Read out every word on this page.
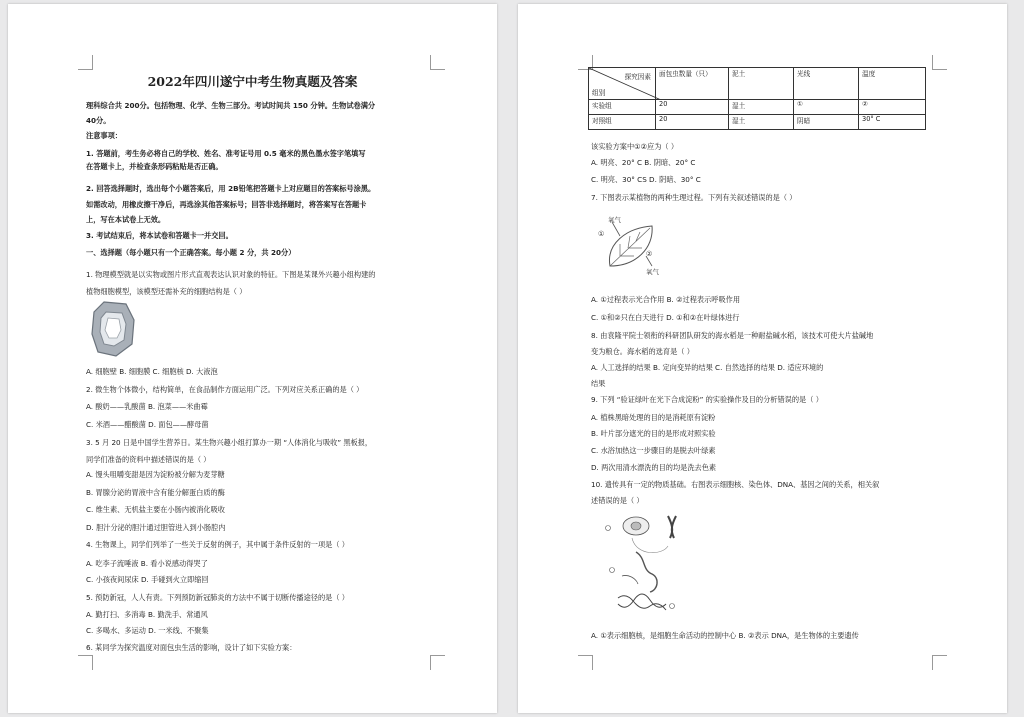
2022年四川遂宁中考生物真题及答案
理科综合共 200分。包括物理、化学、生物三部分。考试时间共 150 分钟。生物试卷满分
40分。
注意事项：
1. 答题前，考生务必将自己的学校、姓名、准考证号用 0.5 毫米的黑色墨水签字笔填写
在答题卡上，并检查条形码粘贴是否正确。
2. 回答选择题时，选出每个小题答案后，用 2B铅笔把答题卡上对应题目的答案标号涂黑。
如需改动，用橡皮擦干净后，再选涂其他答案标号；回答非选择题时，将答案写在答题卡
上，写在本试卷上无效。
3. 考试结束后，将本试卷和答题卡一并交回。
一、选择题（每小题只有一个正确答案。每小题 2 分，共 20分）
1. 物理模型就是以实物或图片形式直观表达认识对象的特征。下图是某课外兴趣小组构建的
植物细胞模型，该模型还需补充的细胞结构是（ ）
A. 细胞壁 B. 细胞膜 C. 细胞核 D. 大液泡
2. 微生物个体微小，结构简单，在食品制作方面运用广泛。下列对应关系正确的是（ ）
A. 酸奶——乳酸菌 B. 泡菜——米曲霉
C. 米酒——醋酸菌 D. 面包——酵母菌
3. 5 月 20 日是中国学生营养日。某生物兴趣小组打算办一期 “人体消化与吸收” 黑板报，
同学们准备的资料中描述错误的是（ ）
A. 馒头咀嚼变甜是因为淀粉被分解为麦芽糖
B. 胃腺分泌的胃液中含有能分解蛋白质的酶
C. 维生素、无机盐主要在小肠内被消化吸收
D. 胆汁分泌的胆汁通过胆管进入到小肠腔内
4. 生物课上，同学们列举了一些关于反射的例子，其中属于条件反射的一项是（ ）
A. 吃李子流唾液 B. 看小说感动得哭了
C. 小孩夜间尿床 D. 手碰到火立即缩回
5. 预防新冠，人人有责。下列预防新冠肺炎的方法中不属于切断传播途径的是（ ）
A. 勤打扫、多消毒 B. 勤洗手、常通风
C. 多喝水、多运动 D. 一米线、不聚集
6. 某同学为探究温度对面包虫生活的影响，设计了如下实验方案：
探究因素
组别	面包虫数量（只）	泥土	光线	温度
实验组	20	湿土	①	②
对照组	20	湿土	阴暗	30° C
该实验方案中①②应为（ ）
A. 明亮、20° C B. 阴暗、20° C
C. 明亮、30° CS D. 阴暗、30° C
7. 下图表示某植物的两种生理过程。下列有关叙述错误的是（ ）
A. ①过程表示光合作用 B. ②过程表示呼吸作用
C. ①和②只在白天进行 D. ①和②在叶绿体进行
8. 由袁隆平院士领衔的科研团队研发的海水稻是一种耐盐碱水稻，该技术可使大片盐碱地
变为粮仓。海水稻的选育是（ ）
A. 人工选择的结果 B. 定向变异的结果 C. 自然选择的结果 D. 适应环境的
结果
9. 下列 “验证绿叶在光下合成淀粉” 的实验操作及目的分析错误的是（ ）
A. 植株黑暗处理的目的是消耗原有淀粉
B. 叶片部分遮光的目的是形成对照实验
C. 水浴加热这一步骤目的是脱去叶绿素
D. 两次用清水漂洗的目的均是洗去色素
10. 遗传具有一定的物质基础。右图表示细胞核、染色体、DNA、基因之间的关系，相关叙
述错误的是（ ）
A. ①表示细胞核，是细胞生命活动的控制中心 B. ②表示 DNA，是生物体的主要遗传
氧气
①
②
氧气
